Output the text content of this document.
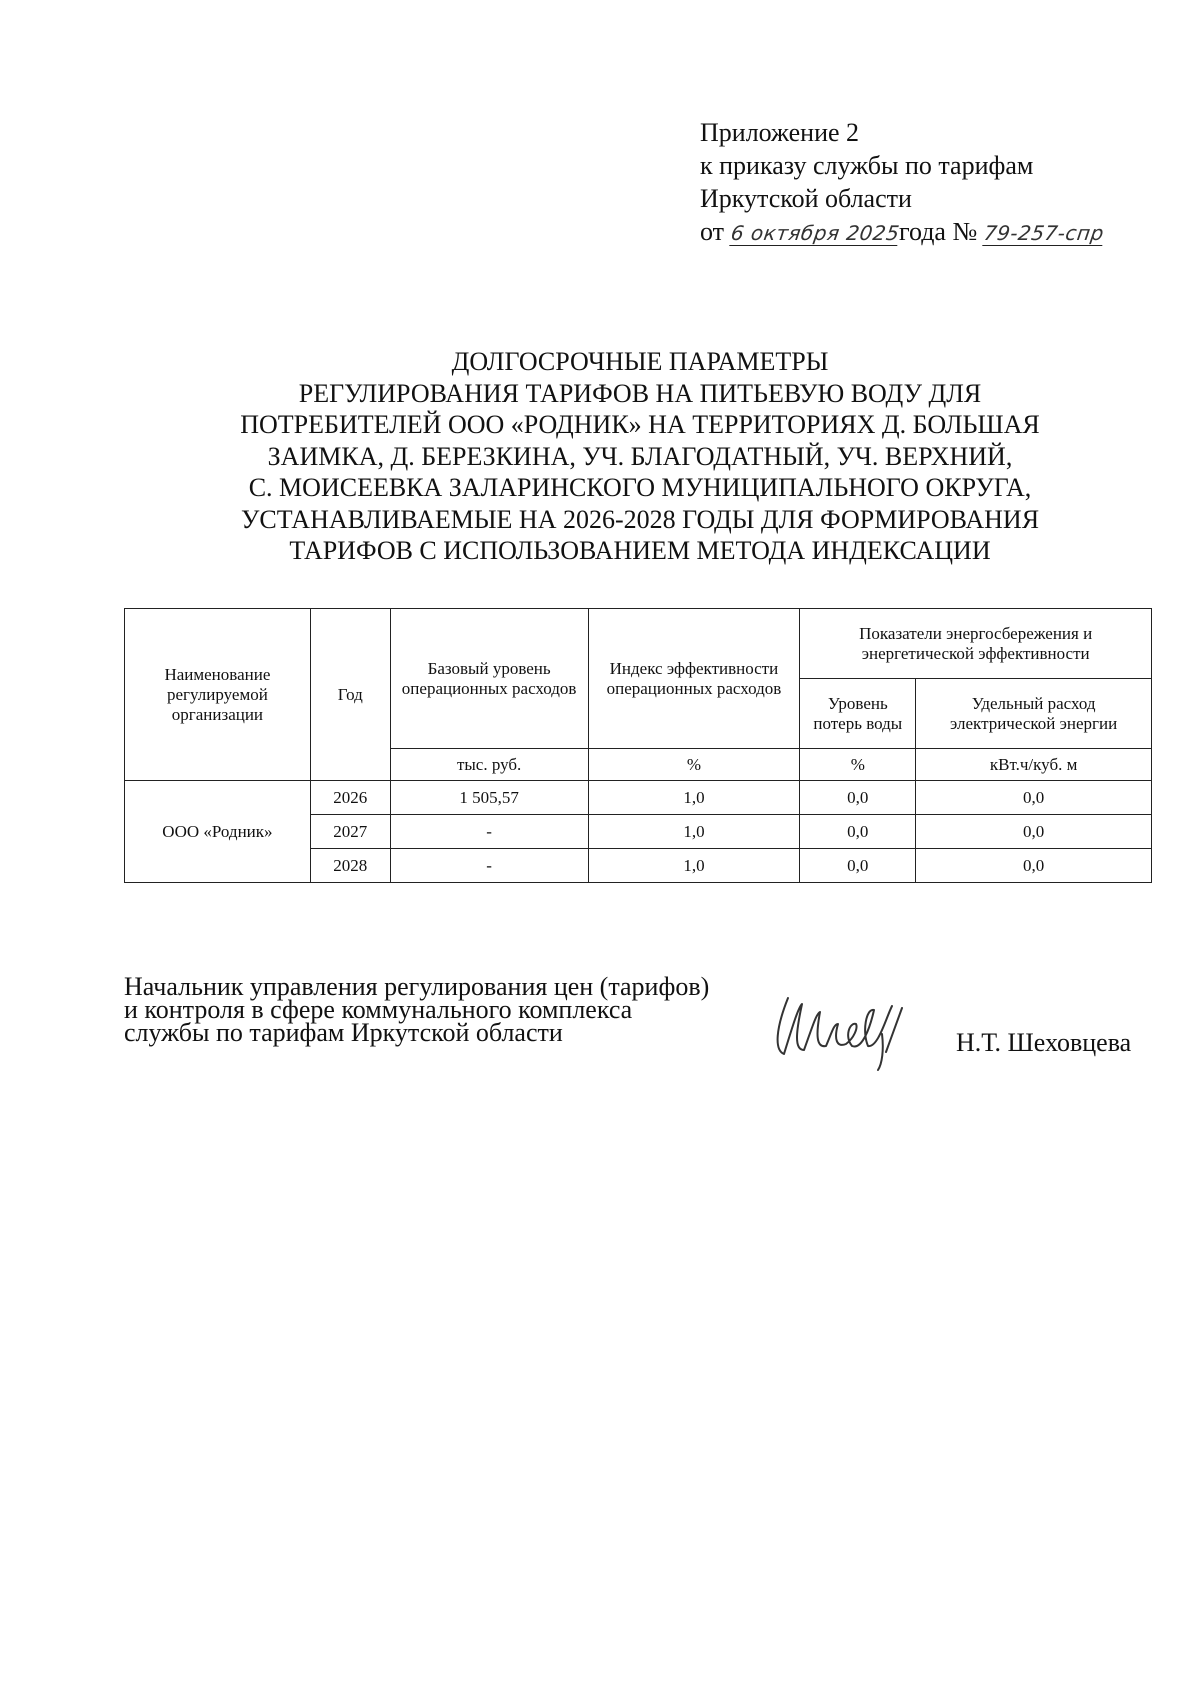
Приложение 2
к приказу службы по тарифам
Иркутской области
от 6 октября 2025года № 79-257-спр
ДОЛГОСРОЧНЫЕ ПАРАМЕТРЫ
РЕГУЛИРОВАНИЯ ТАРИФОВ НА ПИТЬЕВУЮ ВОДУ ДЛЯ
ПОТРЕБИТЕЛЕЙ ООО «РОДНИК» НА ТЕРРИТОРИЯХ Д. БОЛЬШАЯ
ЗАИМКА, Д. БЕРЕЗКИНА, УЧ. БЛАГОДАТНЫЙ, УЧ. ВЕРХНИЙ,
С. МОИСЕЕВКА ЗАЛАРИНСКОГО МУНИЦИПАЛЬНОГО ОКРУГА,
УСТАНАВЛИВАЕМЫЕ НА 2026-2028 ГОДЫ ДЛЯ ФОРМИРОВАНИЯ
ТАРИФОВ С ИСПОЛЬЗОВАНИЕМ МЕТОДА ИНДЕКСАЦИИ
Наименование регулируемой организации	Год	Базовый уровень операционных расходов	Индекс эффективности операционных расходов	Показатели энергосбережения и энергетической эффективности	
				Уровень потерь воды	Удельный расход электрической энергии
		тыс. руб.	%	%	кВт.ч/куб. м
ООО «Родник»	2026	1 505,57	1,0	0,0	0,0
	2027	-	1,0	0,0	0,0
	2028	-	1,0	0,0	0,0
Начальник управления регулирования цен (тарифов)
и контроля в сфере коммунального комплекса
службы по тарифам Иркутской области	Н.Т. Шеховцева
